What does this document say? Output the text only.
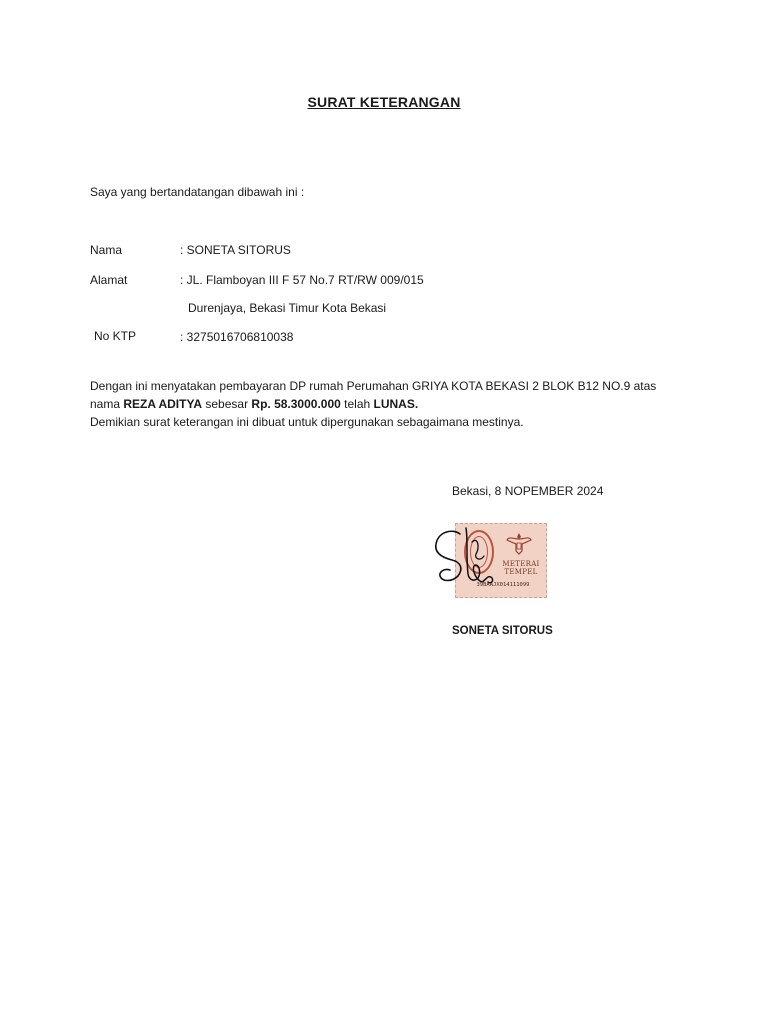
SURAT KETERANGAN
Saya yang bertandatangan dibawah ini :
Nama	: SONETA SITORUS
Alamat	: JL. Flamboyan III F 57 No.7 RT/RW 009/015
Durenjaya, Bekasi Timur Kota Bekasi
No KTP	: 3275016706810038
Dengan ini menyatakan pembayaran DP rumah Perumahan GRIYA KOTA BEKASI 2 BLOK B12 NO.9 atas
nama REZA ADITYA sebesar Rp. 58.3000.000 telah LUNAS.
Demikian surat keterangan ini dibuat untuk dipergunakan sebagaimana mestinya.
Bekasi, 8 NOPEMBER 2024
METERAI
TEMPEL
39BAAJX014111099
SONETA SITORUS
